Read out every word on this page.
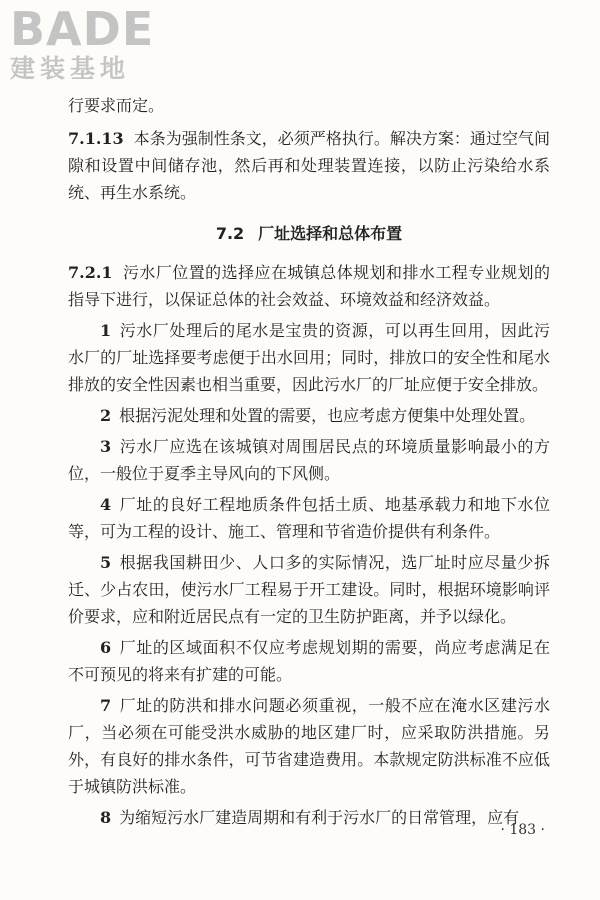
BADE
建装基地

行要求而定。

7.1.13 本条为强制性条文，必须严格执行。解决方案：通过空气间隙和设置中间储存池，然后再和处理装置连接，以防止污染给水系统、再生水系统。

7.2 厂址选择和总体布置

7.2.1 污水厂位置的选择应在城镇总体规划和排水工程专业规划的指导下进行，以保证总体的社会效益、环境效益和经济效益。

1 污水厂处理后的尾水是宝贵的资源，可以再生回用，因此污水厂的厂址选择要考虑便于出水回用；同时，排放口的安全性和尾水排放的安全性因素也相当重要，因此污水厂的厂址应便于安全排放。

2 根据污泥处理和处置的需要，也应考虑方便集中处理处置。

3 污水厂应选在该城镇对周围居民点的环境质量影响最小的方位，一般位于夏季主导风向的下风侧。

4 厂址的良好工程地质条件包括土质、地基承载力和地下水位等，可为工程的设计、施工、管理和节省造价提供有利条件。

5 根据我国耕田少、人口多的实际情况，选厂址时应尽量少拆迁、少占农田，使污水厂工程易于开工建设。同时，根据环境影响评价要求，应和附近居民点有一定的卫生防护距离，并予以绿化。

6 厂址的区域面积不仅应考虑规划期的需要，尚应考虑满足在不可预见的将来有扩建的可能。

7 厂址的防洪和排水问题必须重视，一般不应在淹水区建污水厂，当必须在可能受洪水威胁的地区建厂时，应采取防洪措施。另外，有良好的排水条件，可节省建造费用。本款规定防洪标准不应低于城镇防洪标准。

8 为缩短污水厂建造周期和有利于污水厂的日常管理，应有

· 183 ·
